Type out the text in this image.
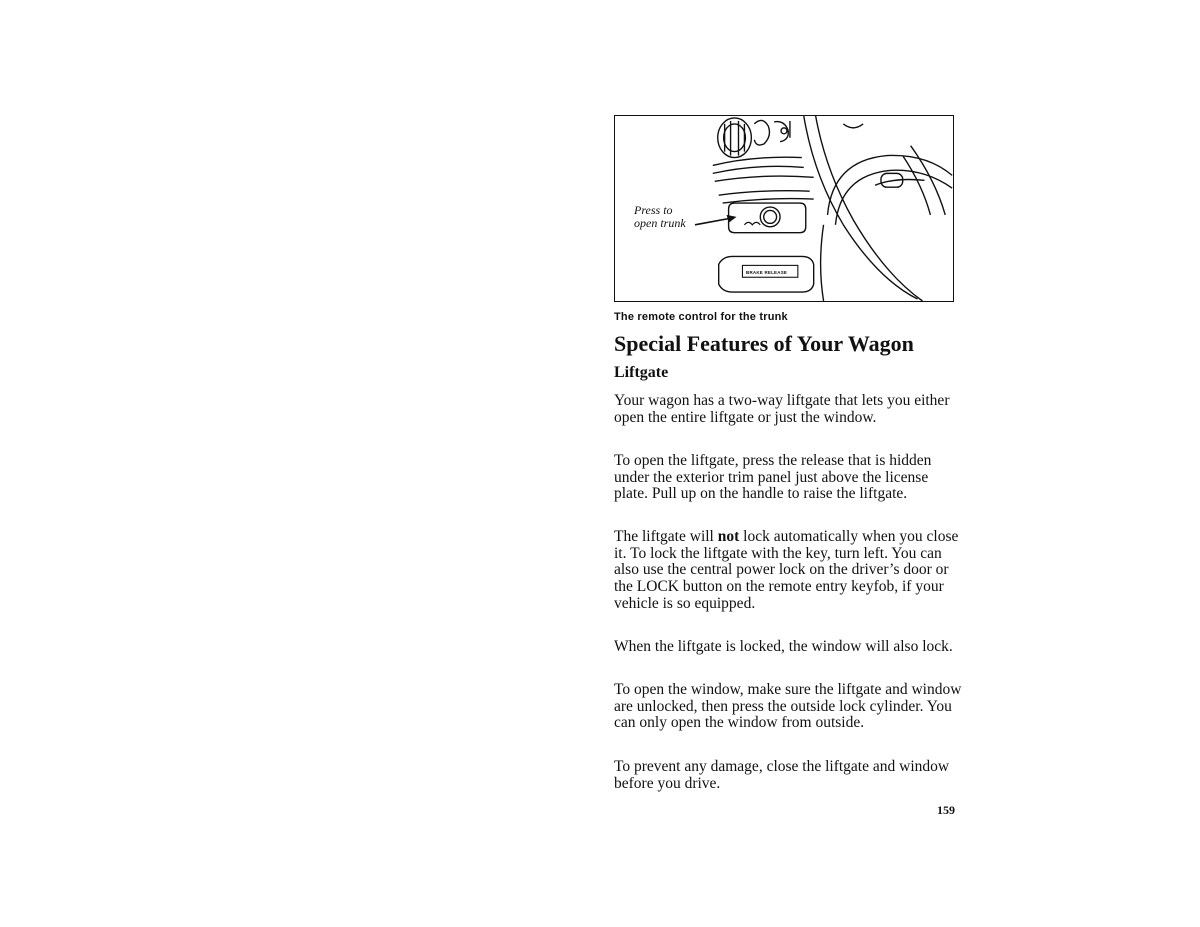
Press to
open trunk
BRAKE RELEASE
The remote control for the trunk
Special Features of Your Wagon
Liftgate

Your wagon has a two-way liftgate that lets you either open the entire liftgate or just the window.

To open the liftgate, press the release that is hidden under the exterior trim panel just above the license plate. Pull up on the handle to raise the liftgate.

The liftgate will not lock automatically when you close it. To lock the liftgate with the key, turn left. You can also use the central power lock on the driver’s door or the LOCK button on the remote entry keyfob, if your vehicle is so equipped.

When the liftgate is locked, the window will also lock.

To open the window, make sure the liftgate and window are unlocked, then press the outside lock cylinder. You can only open the window from outside.

To prevent any damage, close the liftgate and window before you drive.

159
